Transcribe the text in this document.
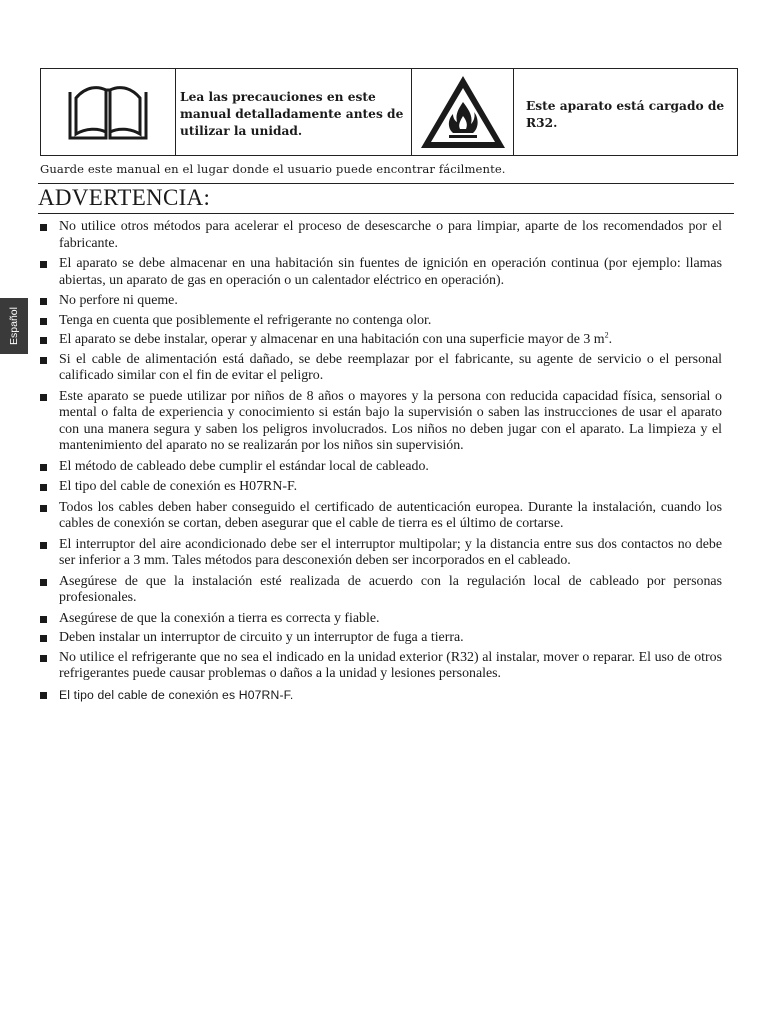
Lea las precauciones en este manual detalladamente antes de utilizar la unidad.
Este aparato está cargado de R32.
Guarde este manual en el lugar donde el usuario puede encontrar fácilmente.
ADVERTENCIA:
Español
No utilice otros métodos para acelerar el proceso de desescarche o para limpiar, aparte de los recomendados por el fabricante.
El aparato se debe almacenar en una habitación sin fuentes de ignición en operación continua (por ejemplo: llamas abiertas, un aparato de gas en operación o un calentador eléctrico en operación).
No perfore ni queme.
Tenga en cuenta que posiblemente el refrigerante no contenga olor.
El aparato se debe instalar, operar y almacenar en una habitación con una superficie mayor de 3 $m^2$.
Si el cable de alimentación está dañado, se debe reemplazar por el fabricante, su agente de servicio o el personal calificado similar con el fin de evitar el peligro.
Este aparato se puede utilizar por niños de 8 años o mayores y la persona con reducida capacidad física, sensorial o mental o falta de experiencia y conocimiento si están bajo la supervisión o saben las instrucciones de usar el aparato con una manera segura y saben los peligros involucrados. Los niños no deben jugar con el aparato. La limpieza y el mantenimiento del aparato no se realizarán por los niños sin supervisión.
El método de cableado debe cumplir el estándar local de cableado.
El tipo del cable de conexión es H07RN-F.
Todos los cables deben haber conseguido el certificado de autenticación europea. Durante la instalación, cuando los cables de conexión se cortan, deben asegurar que el cable de tierra es el último de cortarse.
El interruptor del aire acondicionado debe ser el interruptor multipolar; y la distancia entre sus dos contactos no debe ser inferior a 3 mm. Tales métodos para desconexión deben ser incorporados en el cableado.
Asegúrese de que la instalación esté realizada de acuerdo con la regulación local de cableado por personas profesionales.
Asegúrese de que la conexión a tierra es correcta y fiable.
Deben instalar un interruptor de circuito y un interruptor de fuga a tierra.
No utilice el refrigerante que no sea el indicado en la unidad exterior (R32) al instalar, mover o reparar. El uso de otros refrigerantes puede causar problemas o daños a la unidad y lesiones personales.
El tipo del cable de conexión es H07RN-F.
